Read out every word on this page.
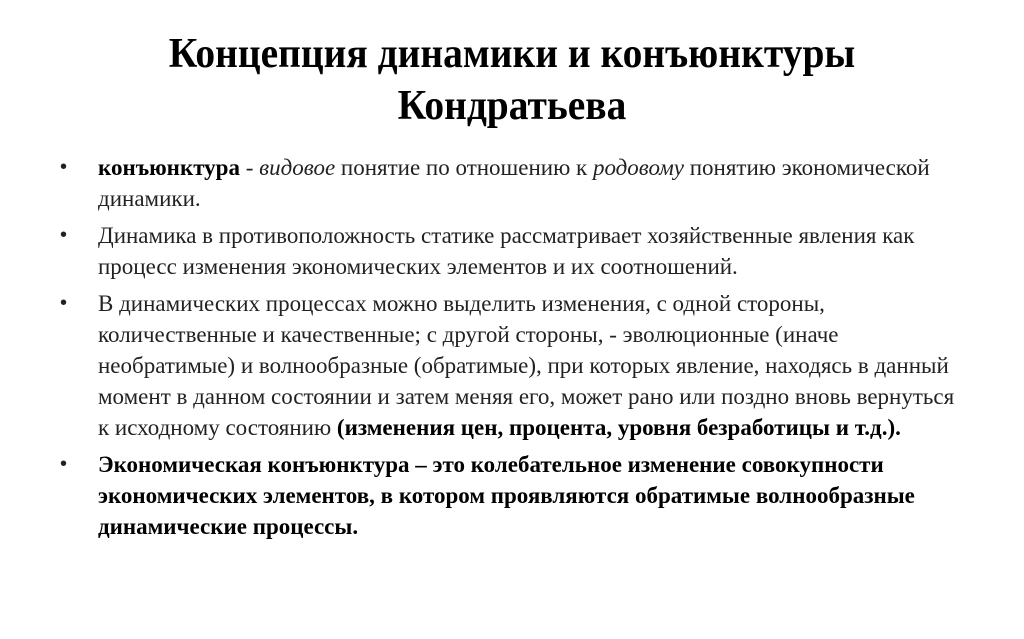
Концепция динамики и конъюнктуры Кондратьева
•	конъюнктура - видовое понятие по отношению к родовому понятию экономической динамики.
•	Динамика в противоположность статике рассматривает хозяйственные явления как процесс изменения экономических элементов и их соотношений.
•	В динамических процессах можно выделить изменения, с одной стороны, количественные и качественные; с другой стороны, - эволюционные (иначе необратимые) и волнообразные (обратимые), при которых явление, находясь в данный момент в данном состоянии и затем меняя его, может рано или поздно вновь вернуться к исходному состоянию (изменения цен, процента, уровня безработицы и т.д.).
•	Экономическая конъюнктура – это колебательное изменение совокупности экономических элементов, в котором проявляются обратимые волнообразные динамические процессы.
